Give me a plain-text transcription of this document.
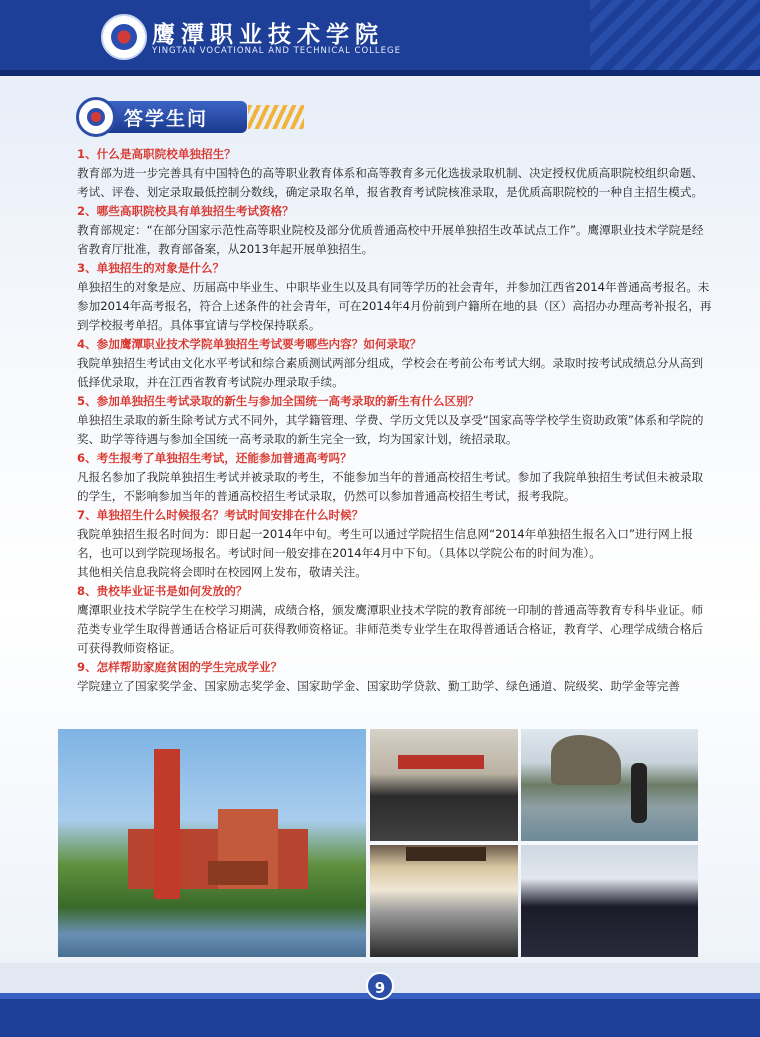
鹰潭职业技术学院
YINGTAN VOCATIONAL AND TECHNICAL COLLEGE
答学生问

1、什么是高职院校单独招生？

教育部为进一步完善具有中国特色的高等职业教育体系和高等教育多元化选拔录取机制、决定授权优质高职院校组织命题、考试、评卷、划定录取最低控制分数线，确定录取名单，报省教育考试院核准录取，是优质高职院校的一种自主招生模式。

2、哪些高职院校具有单独招生考试资格？

教育部规定：“在部分国家示范性高等职业院校及部分优质普通高校中开展单独招生改革试点工作”。鹰潭职业技术学院是经省教育厅批准，教育部备案，从2013年起开展单独招生。

3、单独招生的对象是什么？

单独招生的对象是应、历届高中毕业生、中职毕业生以及具有同等学历的社会青年，并参加江西省2014年普通高考报名。未参加2014年高考报名，符合上述条件的社会青年，可在2014年4月份前到户籍所在地的县（区）高招办办理高考补报名，再到学校报考单招。具体事宜请与学校保持联系。

4、参加鹰潭职业技术学院单独招生考试要考哪些内容？如何录取？

我院单独招生考试由文化水平考试和综合素质测试两部分组成，学校会在考前公布考试大纲。录取时按考试成绩总分从高到低择优录取，并在江西省教育考试院办理录取手续。

5、参加单独招生考试录取的新生与参加全国统一高考录取的新生有什么区别？

单独招生录取的新生除考试方式不同外，其学籍管理、学费、学历文凭以及享受“国家高等学校学生资助政策”体系和学院的奖、助学等待遇与参加全国统一高考录取的新生完全一致，均为国家计划，统招录取。

6、考生报考了单独招生考试，还能参加普通高考吗？

凡报名参加了我院单独招生考试并被录取的考生，不能参加当年的普通高校招生考试。参加了我院单独招生考试但未被录取的学生，不影响参加当年的普通高校招生考试录取，仍然可以参加普通高校招生考试，报考我院。

7、单独招生什么时候报名？考试时间安排在什么时候？

我院单独招生报名时间为：即日起一2014年中旬。考生可以通过学院招生信息网“2014年单独招生报名入口”进行网上报名，也可以到学院现场报名。考试时间一般安排在2014年4月中下旬。（具体以学院公布的时间为准）。

其他相关信息我院将会即时在校园网上发布，敬请关注。

8、贵校毕业证书是如何发放的？

鹰潭职业技术学院学生在校学习期满，成绩合格，颁发鹰潭职业技术学院的教育部统一印制的普通高等教育专科毕业证。师范类专业学生取得普通话合格证后可获得教师资格证。非师范类专业学生在取得普通话合格证，教育学、心理学成绩合格后可获得教师资格证。

9、怎样帮助家庭贫困的学生完成学业？

学院建立了国家奖学金、国家励志奖学金、国家助学金、国家助学贷款、勤工助学、绿色通道、院级奖、助学金等完善

9
